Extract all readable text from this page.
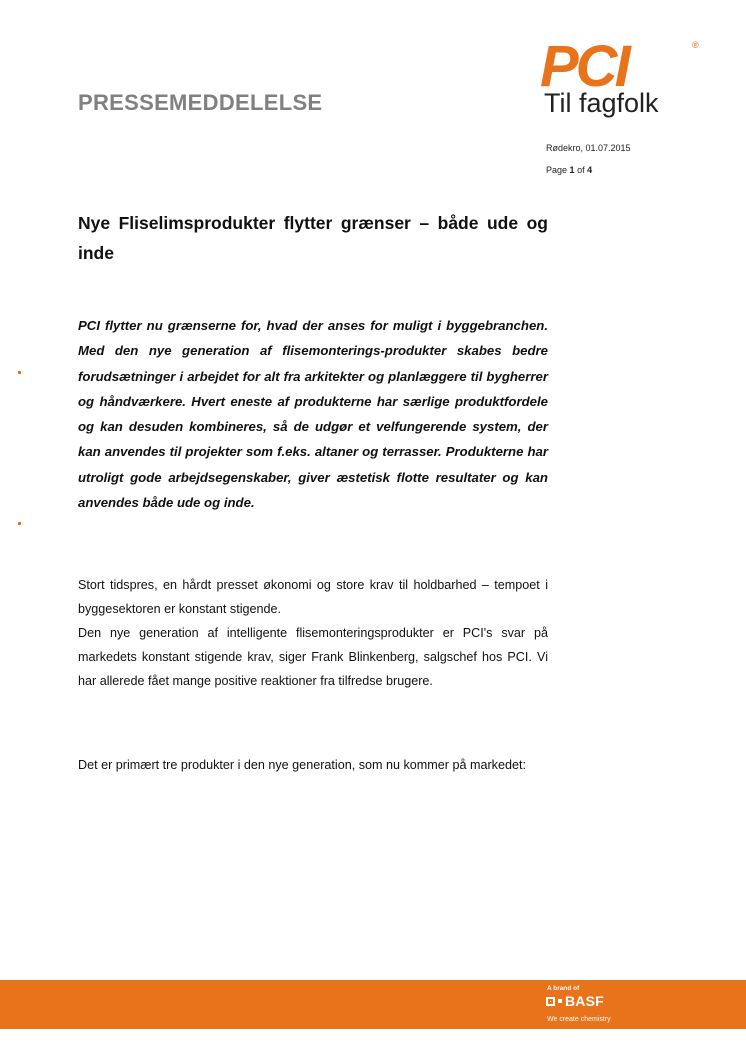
PRESSEMEDDELELSE
PCI	®
Til fagfolk
Rødekro, 01.07.2015
Page 1 of 4
Nye Fliselimsprodukter flytter grænser – både ude og inde
PCI flytter nu grænserne for, hvad der anses for muligt i byggebranchen. Med den nye generation af flisemonterings-produkter skabes bedre forudsætninger i arbejdet for alt fra arkitekter og planlæggere til bygherrer og håndværkere. Hvert eneste af produkterne har særlige produktfordele og kan desuden kombineres, så de udgør et velfungerende system, der kan anvendes til projekter som f.eks. altaner og terrasser. Produkterne har utroligt gode arbejdsegenskaber, giver æstetisk flotte resultater og kan anvendes både ude og inde.
Stort tidspres, en hårdt presset økonomi og store krav til holdbarhed – tempoet i byggesektoren er konstant stigende.
Den nye generation af intelligente flisemonteringsprodukter er PCI's svar på markedets konstant stigende krav, siger Frank Blinkenberg, salgschef hos PCI. Vi har allerede fået mange positive reaktioner fra tilfredse brugere.
Det er primært tre produkter i den nye generation, som nu kommer på markedet:
A brand of
BASF
We create chemistry
